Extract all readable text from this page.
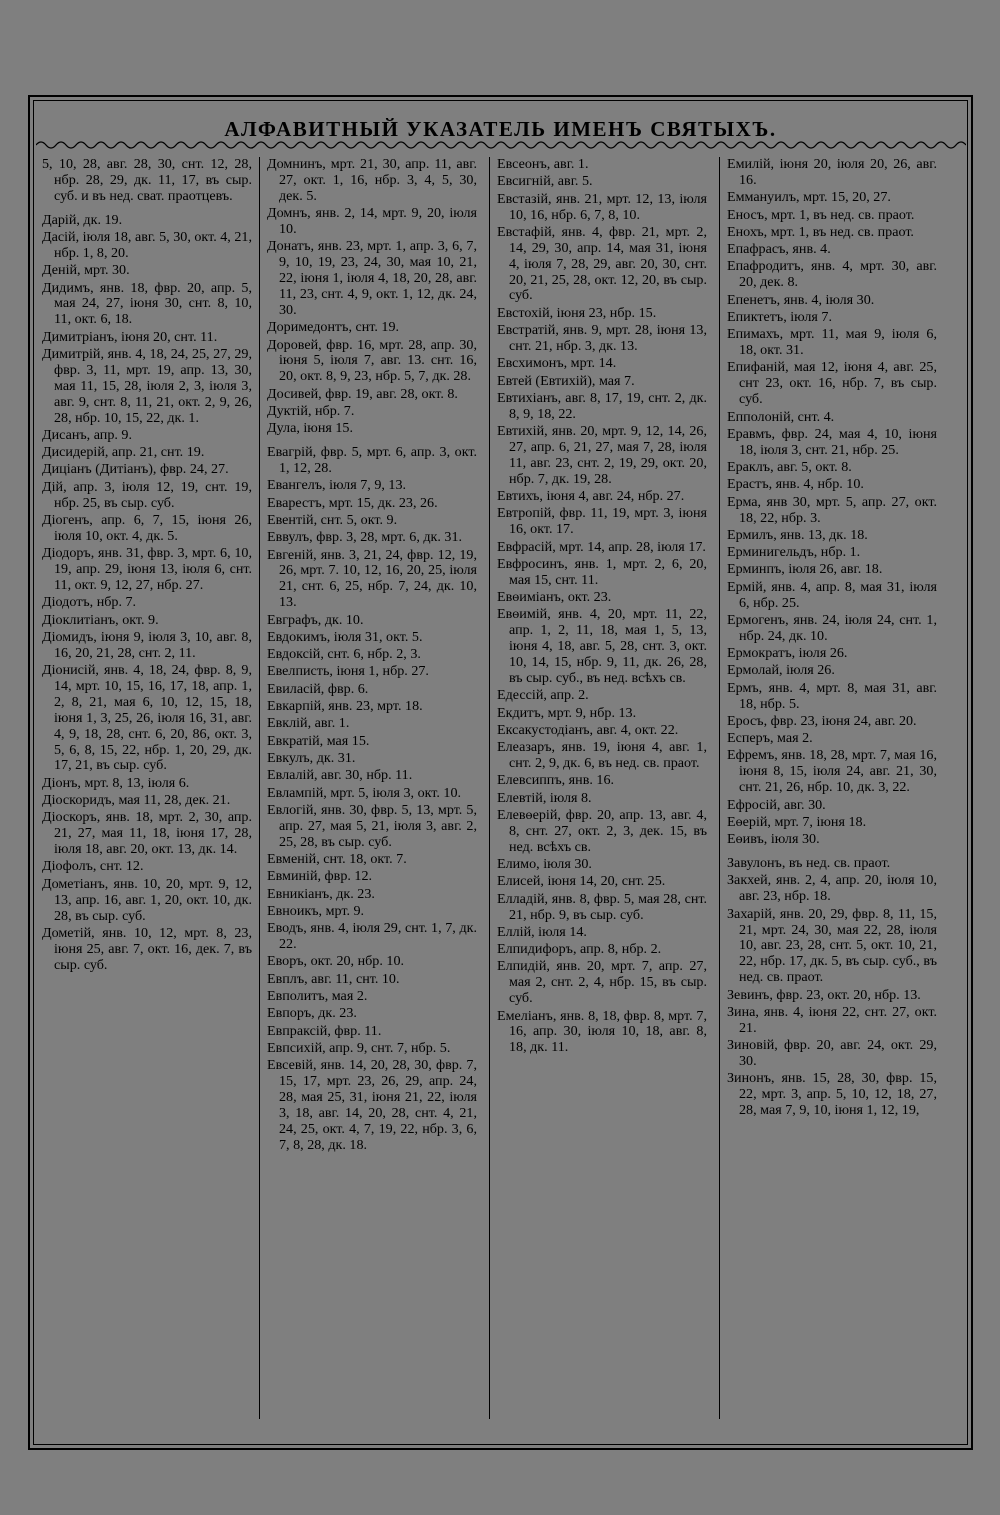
АЛФАВИТНЫЙ УКАЗАТЕЛЬ ИМЕНЪ СВЯТЫХЪ.
5, 10, 28, авг. 28, 30, снт. 12, 28, нбр. 28, 29, дк. 11, 17, въ сыр. суб. и въ нед. сват. праотцевъ.
Дарій, дк. 19.
Дасій, іюля 18, авг. 5, 30, окт. 4, 21, нбр. 1, 8, 20.
Деній, мрт. 30.
Дидимъ, янв. 18, фвр. 20, апр. 5, мая 24, 27, іюня 30, снт. 8, 10, 11, окт. 6, 18.
Димитріанъ, іюня 20, снт. 11.
Димитрій, янв. 4, 18, 24, 25, 27, 29, фвр. 3, 11, мрт. 19, апр. 13, 30, мая 11, 15, 28, іюля 2, 3, іюля 3, авг. 9, снт. 8, 11, 21, окт. 2, 9, 26, 28, нбр. 10, 15, 22, дк. 1.
Дисанъ, апр. 9.
Дисидерій, апр. 21, снт. 19.
Диціанъ (Дитіанъ), фвр. 24, 27.
Дій, апр. 3, іюля 12, 19, снт. 19, нбр. 25, въ сыр. суб.
Діогенъ, апр. 6, 7, 15, іюня 26, іюля 10, окт. 4, дк. 5.
Діодоръ, янв. 31, фвр. 3, мрт. 6, 10, 19, апр. 29, іюня 13, іюля 6, снт. 11, окт. 9, 12, 27, нбр. 27.
Діодотъ, нбр. 7.
Діоклитіанъ, окт. 9.
Діомидъ, іюня 9, іюля 3, 10, авг. 8, 16, 20, 21, 28, снт. 2, 11.
Діонисій, янв. 4, 18, 24, фвр. 8, 9, 14, мрт. 10, 15, 16, 17, 18, апр. 1, 2, 8, 21, мая 6, 10, 12, 15, 18, іюня 1, 3, 25, 26, іюля 16, 31, авг. 4, 9, 18, 28, снт. 6, 20, 86, окт. 3, 5, 6, 8, 15, 22, нбр. 1, 20, 29, дк. 17, 21, въ сыр. суб.
Діонъ, мрт. 8, 13, іюля 6.
Діоскоридъ, мая 11, 28, дек. 21.
Діоскоръ, янв. 18, мрт. 2, 30, апр. 21, 27, мая 11, 18, іюня 17, 28, іюля 18, авг. 20, окт. 13, дк. 14.
Діофолъ, снт. 12.
Дометіанъ, янв. 10, 20, мрт. 9, 12, 13, апр. 16, авг. 1, 20, окт. 10, дк. 28, въ сыр. суб.
Дометій, янв. 10, 12, мрт. 8, 23, іюня 25, авг. 7, окт. 16, дек. 7, въ сыр. суб.
Домнинъ, мрт. 21, 30, апр. 11, авг. 27, окт. 1, 16, нбр. 3, 4, 5, 30, дек. 5.
Домнъ, янв. 2, 14, мрт. 9, 20, іюля 10.
Донатъ, янв. 23, мрт. 1, апр. 3, 6, 7, 9, 10, 19, 23, 24, 30, мая 10, 21, 22, іюня 1, іюля 4, 18, 20, 28, авг. 11, 23, снт. 4, 9, окт. 1, 12, дк. 24, 30.
Доримедонтъ, снт. 19.
Доровей, фвр. 16, мрт. 28, апр. 30, іюня 5, іюля 7, авг. 13. снт. 16, 20, окт. 8, 9, 23, нбр. 5, 7, дк. 28.
Досивей, фвр. 19, авг. 28, окт. 8.
Дуктій, нбр. 7.
Дула, іюня 15.
Евагрій, фвр. 5, мрт. 6, апр. 3, окт. 1, 12, 28.
Евангелъ, іюля 7, 9, 13.
Еварестъ, мрт. 15, дк. 23, 26.
Евентій, снт. 5, окт. 9.
Еввулъ, фвр. 3, 28, мрт. 6, дк. 31.
Евгеній, янв. 3, 21, 24, фвр. 12, 19, 26, мрт. 7. 10, 12, 16, 20, 25, іюля 21, снт. 6, 25, нбр. 7, 24, дк. 10, 13.
Евграфъ, дк. 10.
Евдокимъ, іюля 31, окт. 5.
Евдоксій, снт. 6, нбр. 2, 3.
Евелписть, іюня 1, нбр. 27.
Евиласій, фвр. 6.
Евкарпій, янв. 23, мрт. 18.
Евклій, авг. 1.
Евкратій, мая 15.
Евкулъ, дк. 31.
Евлалій, авг. 30, нбр. 11.
Евлампій, мрт. 5, іюля 3, окт. 10.
Евлогій, янв. 30, фвр. 5, 13, мрт. 5, апр. 27, мая 5, 21, іюля 3, авг. 2, 25, 28, въ сыр. суб.
Евменій, снт. 18, окт. 7.
Евминій, фвр. 12.
Евникіанъ, дк. 23.
Евноикъ, мрт. 9.
Еводъ, янв. 4, іюля 29, снт. 1, 7, дк. 22.
Еворъ, окт. 20, нбр. 10.
Евплъ, авг. 11, снт. 10.
Евполитъ, мая 2.
Евпоръ, дк. 23.
Евпраксій, фвр. 11.
Евпсихій, апр. 9, снт. 7, нбр. 5.
Евсевій, янв. 14, 20, 28, 30, фвр. 7, 15, 17, мрт. 23, 26, 29, апр. 24, 28, мая 25, 31, іюня 21, 22, іюля 3, 18, авг. 14, 20, 28, снт. 4, 21, 24, 25, окт. 4, 7, 19, 22, нбр. 3, 6, 7, 8, 28, дк. 18.
Евсеонъ, авг. 1.
Евсигній, авг. 5.
Евстазій, янв. 21, мрт. 12, 13, іюля 10, 16, нбр. 6, 7, 8, 10.
Евстафій, янв. 4, фвр. 21, мрт. 2, 14, 29, 30, апр. 14, мая 31, іюня 4, іюля 7, 28, 29, авг. 20, 30, снт. 20, 21, 25, 28, окт. 12, 20, въ сыр. суб.
Евстохій, іюня 23, нбр. 15.
Евстратій, янв. 9, мрт. 28, іюня 13, снт. 21, нбр. 3, дк. 13.
Евсхимонъ, мрт. 14.
Евтей (Евтихій), мая 7.
Евтихіанъ, авг. 8, 17, 19, снт. 2, дк. 8, 9, 18, 22.
Евтихій, янв. 20, мрт. 9, 12, 14, 26, 27, апр. 6, 21, 27, мая 7, 28, іюля 11, авг. 23, снт. 2, 19, 29, окт. 20, нбр. 7, дк. 19, 28.
Евтихъ, іюня 4, авг. 24, нбр. 27.
Евтропій, фвр. 11, 19, мрт. 3, іюня 16, окт. 17.
Евфрасій, мрт. 14, апр. 28, іюля 17.
Евфросинъ, янв. 1, мрт. 2, 6, 20, мая 15, снт. 11.
Евѳиміанъ, окт. 23.
Евѳимій, янв. 4, 20, мрт. 11, 22, апр. 1, 2, 11, 18, мая 1, 5, 13, іюня 4, 18, авг. 5, 28, снт. 3, окт. 10, 14, 15, нбр. 9, 11, дк. 26, 28, въ сыр. суб., въ нед. всѣхъ св.
Едессій, апр. 2.
Екдитъ, мрт. 9, нбр. 13.
Ексакустодіанъ, авг. 4, окт. 22.
Елеазаръ, янв. 19, іюня 4, авг. 1, снт. 2, 9, дк. 6, въ нед. св. праот.
Елевсиппъ, янв. 16.
Елевтій, іюля 8.
Елевѳерій, фвр. 20, апр. 13, авг. 4, 8, снт. 27, окт. 2, 3, дек. 15, въ нед. всѣхъ св.
Елимо, іюля 30.
Елисей, іюня 14, 20, снт. 25.
Елладій, янв. 8, фвр. 5, мая 28, снт. 21, нбр. 9, въ сыр. суб.
Еллій, іюля 14.
Елпидифоръ, апр. 8, нбр. 2.
Елпидій, янв. 20, мрт. 7, апр. 27, мая 2, снт. 2, 4, нбр. 15, въ сыр. суб.
Емеліанъ, янв. 8, 18, фвр. 8, мрт. 7, 16, апр. 30, іюля 10, 18, авг. 8, 18, дк. 11.
Емилій, іюня 20, іюля 20, 26, авг. 16.
Еммануилъ, мрт. 15, 20, 27.
Еносъ, мрт. 1, въ нед. св. праот.
Енохъ, мрт. 1, въ нед. св. праот.
Епафрасъ, янв. 4.
Епафродитъ, янв. 4, мрт. 30, авг. 20, дек. 8.
Епенетъ, янв. 4, іюля 30.
Епиктетъ, іюля 7.
Епимахъ, мрт. 11, мая 9, іюля 6, 18, окт. 31.
Епифаній, мая 12, іюня 4, авг. 25, снт 23, окт. 16, нбр. 7, въ сыр. суб.
Епполоній, снт. 4.
Еравмъ, фвр. 24, мая 4, 10, іюня 18, іюля 3, снт. 21, нбр. 25.
Ераклъ, авг. 5, окт. 8.
Ерастъ, янв. 4, нбр. 10.
Ерма, янв 30, мрт. 5, апр. 27, окт. 18, 22, нбр. 3.
Ермилъ, янв. 13, дк. 18.
Ерминигельдъ, нбр. 1.
Ерминпъ, іюля 26, авг. 18.
Ермій, янв. 4, апр. 8, мая 31, іюля 6, нбр. 25.
Ермогенъ, янв. 24, іюля 24, снт. 1, нбр. 24, дк. 10.
Ермократъ, іюля 26.
Ермолай, іюля 26.
Ермъ, янв. 4, мрт. 8, мая 31, авг. 18, нбр. 5.
Еросъ, фвр. 23, іюня 24, авг. 20.
Есперъ, мая 2.
Ефремъ, янв. 18, 28, мрт. 7, мая 16, іюня 8, 15, іюля 24, авг. 21, 30, снт. 21, 26, нбр. 10, дк. 3, 22.
Ефросій, авг. 30.
Еѳерій, мрт. 7, іюня 18.
Еѳивъ, іюля 30.
Завулонъ, въ нед. св. праот.
Закхей, янв. 2, 4, апр. 20, іюля 10, авг. 23, нбр. 18.
Захарій, янв. 20, 29, фвр. 8, 11, 15, 21, мрт. 24, 30, мая 22, 28, іюля 10, авг. 23, 28, снт. 5, окт. 10, 21, 22, нбр. 17, дк. 5, въ сыр. суб., въ нед. св. праот.
Зевинъ, фвр. 23, окт. 20, нбр. 13.
Зина, янв. 4, іюня 22, снт. 27, окт. 21.
Зиновій, фвр. 20, авг. 24, окт. 29, 30.
Зинонъ, янв. 15, 28, 30, фвр. 15, 22, мрт. 3, апр. 5, 10, 12, 18, 27, 28, мая 7, 9, 10, іюня 1, 12, 19,
